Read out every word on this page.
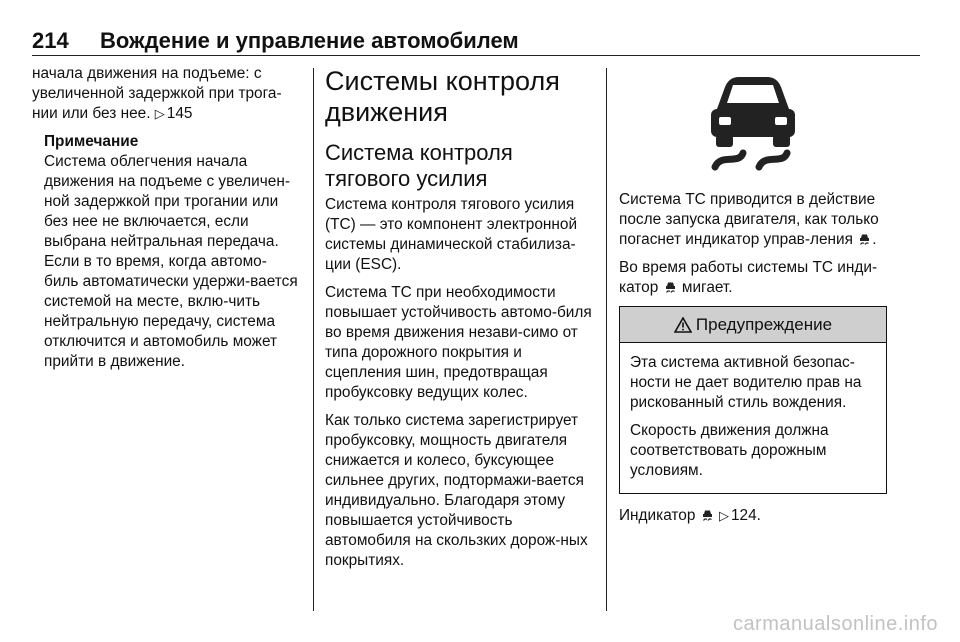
214 Вождение и управление автомобилем

начала движения на подъеме: с увеличенной задержкой при трога-нии или без нее. ▷ 145

Примечание
Система облегчения начала движения на подъеме с увеличен-ной задержкой при трогании или без нее не включается, если выбрана нейтральная передача. Если в то время, когда автомо-биль автоматически удержи-вается системой на месте, вклю-чить нейтральную передачу, система отключится и автомобиль может прийти в движение.
Системы контроля движения
Система контроля тягового усилия

Система контроля тягового усилия (TC) — это компонент электронной системы динамической стабилиза-ции (ESC).

Система TC при необходимости повышает устойчивость автомо-биля во время движения незави-симо от типа дорожного покрытия и сцепления шин, предотвращая пробуксовку ведущих колес.

Как только система зарегистрирует пробуксовку, мощность двигателя снижается и колесо, буксующее сильнее других, подтормажи-вается индивидуально. Благодаря этому повышается устойчивость автомобиля на скользких дорож-ных покрытиях.

Система TC приводится в действие после запуска двигателя, как только погаснет индикатор управ-ления .

Во время работы системы TC инди-катор мигает.

Предупреждение

Эта система активной безопас-ности не дает водителю прав на рискованный стиль вождения.

Скорость движения должна соответствовать дорожным условиям.

Индикатор ▷ 124.

carmanualsonline.info
